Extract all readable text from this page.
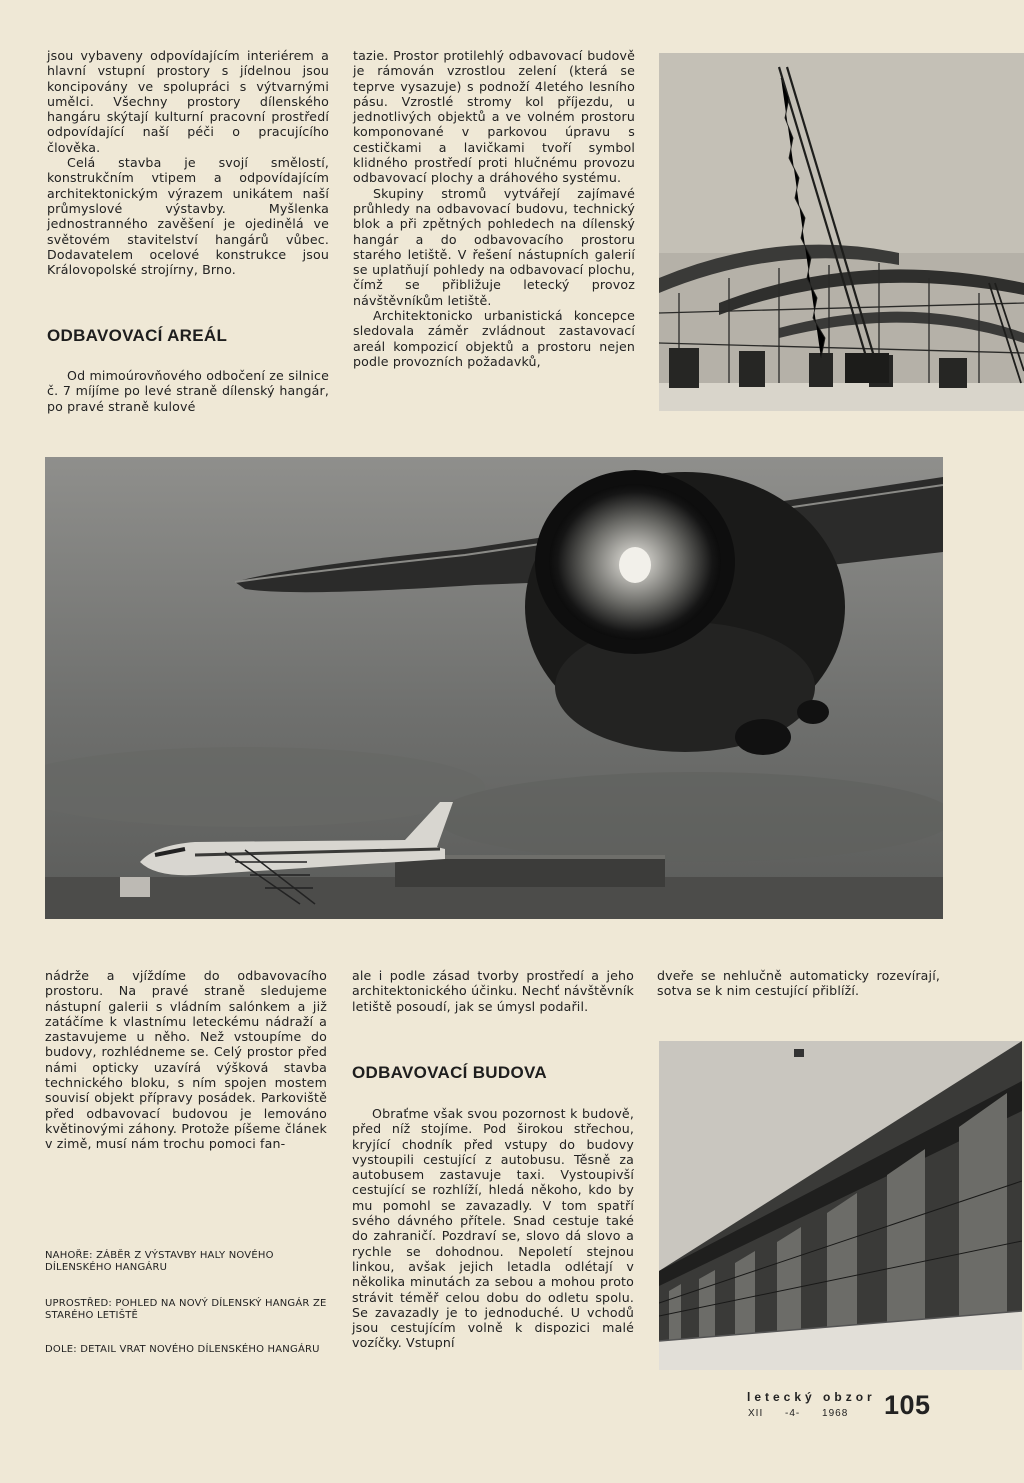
jsou vybaveny odpovídajícím interiérem a hlavní vstupní prostory s jídelnou jsou koncipovány ve spolupráci s výtvarnými umělci. Všechny prostory dílenského hangáru skýtají kulturní pracovní prostředí odpovídající naší péči o pracujícího člověka.

Celá stavba je svojí smělostí, konstrukčním vtipem a odpovídajícím architektonickým výrazem unikátem naší průmyslové výstavby. Myšlenka jednostranného zavěšení je ojedinělá ve světovém stavitelství hangárů vůbec. Dodavatelem ocelové konstrukce jsou Královopolské strojírny, Brno.

ODBAVOVACÍ AREÁL

Od mimoúrovňového odbočení ze silnice č. 7 míjíme po levé straně dílenský hangár, po pravé straně kulové

tazie. Prostor protilehlý odbavovací budově je rámován vzrostlou zelení (která se teprve vysazuje) s podnoží 4letého lesního pásu. Vzrostlé stromy kol příjezdu, u jednotlivých objektů a ve volném prostoru komponované v parkovou úpravu s cestičkami a lavičkami tvoří symbol klidného prostředí proti hlučnému provozu odbavovací plochy a dráhového systému.

Skupiny stromů vytvářejí zajímavé průhledy na odbavovací budovu, technický blok a při zpětných pohledech na dílenský hangár a do odbavovacího prostoru starého letiště. V řešení nástupních galerií se uplatňují pohledy na odbavovací plochu, čímž se přibližuje letecký provoz návštěvníkům letiště.

Architektonicko urbanistická koncepce sledovala záměr zvládnout zastavovací areál kompozicí objektů a prostoru nejen podle provozních požadavků,

nádrže a vjíždíme do odbavovacího prostoru. Na pravé straně sledujeme nástupní galerii s vládním salónkem a již zatáčíme k vlastnímu leteckému nádraží a zastavujeme u něho. Než vstoupíme do budovy, rozhlédneme se. Celý prostor před námi opticky uzavírá výšková stavba technického bloku, s ním spojen mostem souvisí objekt přípravy posádek. Parkoviště před odbavovací budovou je lemováno květinovými záhony. Protože píšeme článek v zimě, musí nám trochu pomoci fan-

NAHOŘE: ZÁBĚR Z VÝSTAVBY HALY NOVÉHO DÍLENSKÉHO HANGÁRU
UPROSTŘED: POHLED NA NOVÝ DÍLENSKÝ HANGÁR ZE STARÉHO LETIŠTĚ
DOLE: DETAIL VRAT NOVÉHO DÍLENSKÉHO HANGÁRU

ale i podle zásad tvorby prostředí a jeho architektonického účinku. Nechť návštěvník letiště posoudí, jak se úmysl podařil.

ODBAVOVACÍ BUDOVA

Obraťme však svou pozornost k budově, před níž stojíme. Pod širokou střechou, kryjící chodník před vstupy do budovy vystoupili cestující z autobusu. Těsně za autobusem zastavuje taxi. Vystoupivší cestující se rozhlíží, hledá někoho, kdo by mu pomohl se zavazadly. V tom spatří svého dávného přítele. Snad cestuje také do zahraničí. Pozdraví se, slovo dá slovo a rychle se dohodnou. Nepoletí stejnou linkou, avšak jejich letadla odlétají v několika minutách za sebou a mohou proto strávit téměř celou dobu do odletu spolu. Se zavazadly je to jednoduché. U vchodů jsou cestujícím volně k dispozici malé vozíčky. Vstupní

dveře se nehlučně automaticky rozevírají, sotva se k nim cestující přiblíží.

letecký obzor
XII -4- 1968	105
